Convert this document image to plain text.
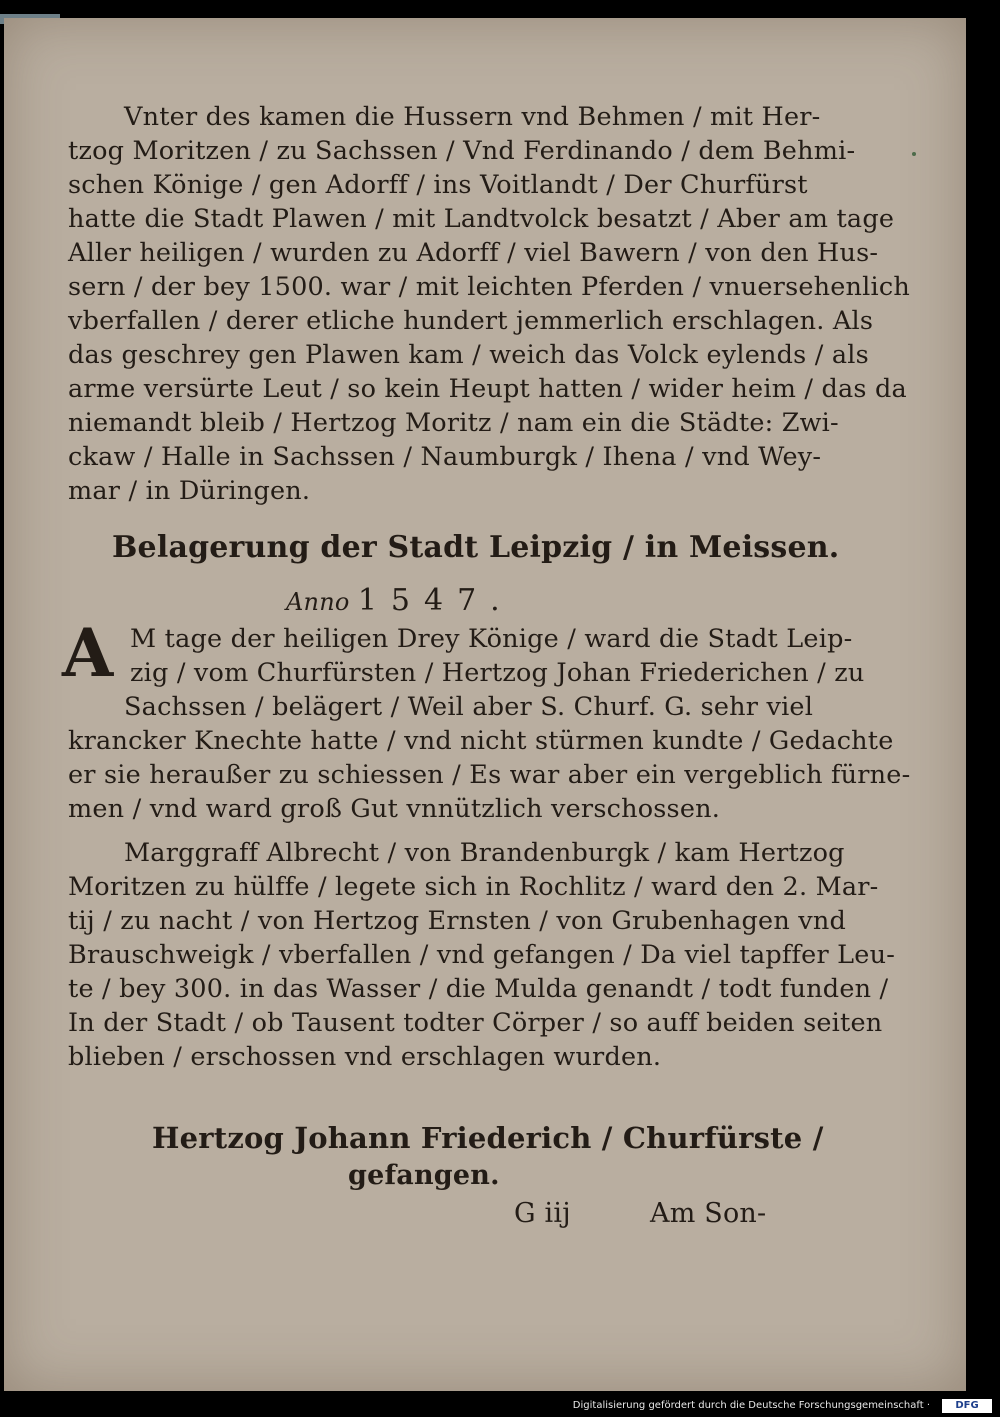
Vnter des kamen die Hussern vnd Behmen / mit Her-
tzog Moritzen / zu Sachssen / Vnd Ferdinando / dem Behmi-
schen Könige / gen Adorff / ins Voitlandt / Der Churfürst
hatte die Stadt Plawen / mit Landtvolck besatzt / Aber am tage
Aller heiligen / wurden zu Adorff / viel Bawern / von den Hus-
sern / der bey 1500. war / mit leichten Pferden / vnuersehenlich
vberfallen / derer etliche hundert jemmerlich erschlagen. Als
das geschrey gen Plawen kam / weich das Volck eylends / als
arme versürte Leut / so kein Heupt hatten / wider heim / das da
niemandt bleib / Hertzog Moritz / nam ein die Städte: Zwi-
ckaw / Halle in Sachssen / Naumburgk / Ihena / vnd Wey-
mar / in Düringen.
Belagerung der Stadt Leipzig / in Meissen.
Anno 1547.
A M tage der heiligen Drey Könige / ward die Stadt Leip-
zig / vom Churfürsten / Hertzog Johan Friederichen / zu
Sachssen / belägert / Weil aber S. Churf. G. sehr viel
krancker Knechte hatte / vnd nicht stürmen kundte / Gedachte
er sie heraußer zu schiessen / Es war aber ein vergeblich fürne-
men / vnd ward groß Gut vnnützlich verschossen.
Marggraff Albrecht / von Brandenburgk / kam Hertzog
Moritzen zu hülffe / legete sich in Rochlitz / ward den 2. Mar-
tij / zu nacht / von Hertzog Ernsten / von Grubenhagen vnd
Brauschweigk / vberfallen / vnd gefangen / Da viel tapffer Leu-
te / bey 300. in das Wasser / die Mulda genandt / todt funden /
In der Stadt / ob Tausent todter Cörper / so auff beiden seiten
blieben / erschossen vnd erschlagen wurden.
Hertzog Johann Friederich / Churfürste /
gefangen.
G iij	Am Son-
Digitalisierung gefördert durch die Deutsche Forschungsgemeinschaft ·	DFG
